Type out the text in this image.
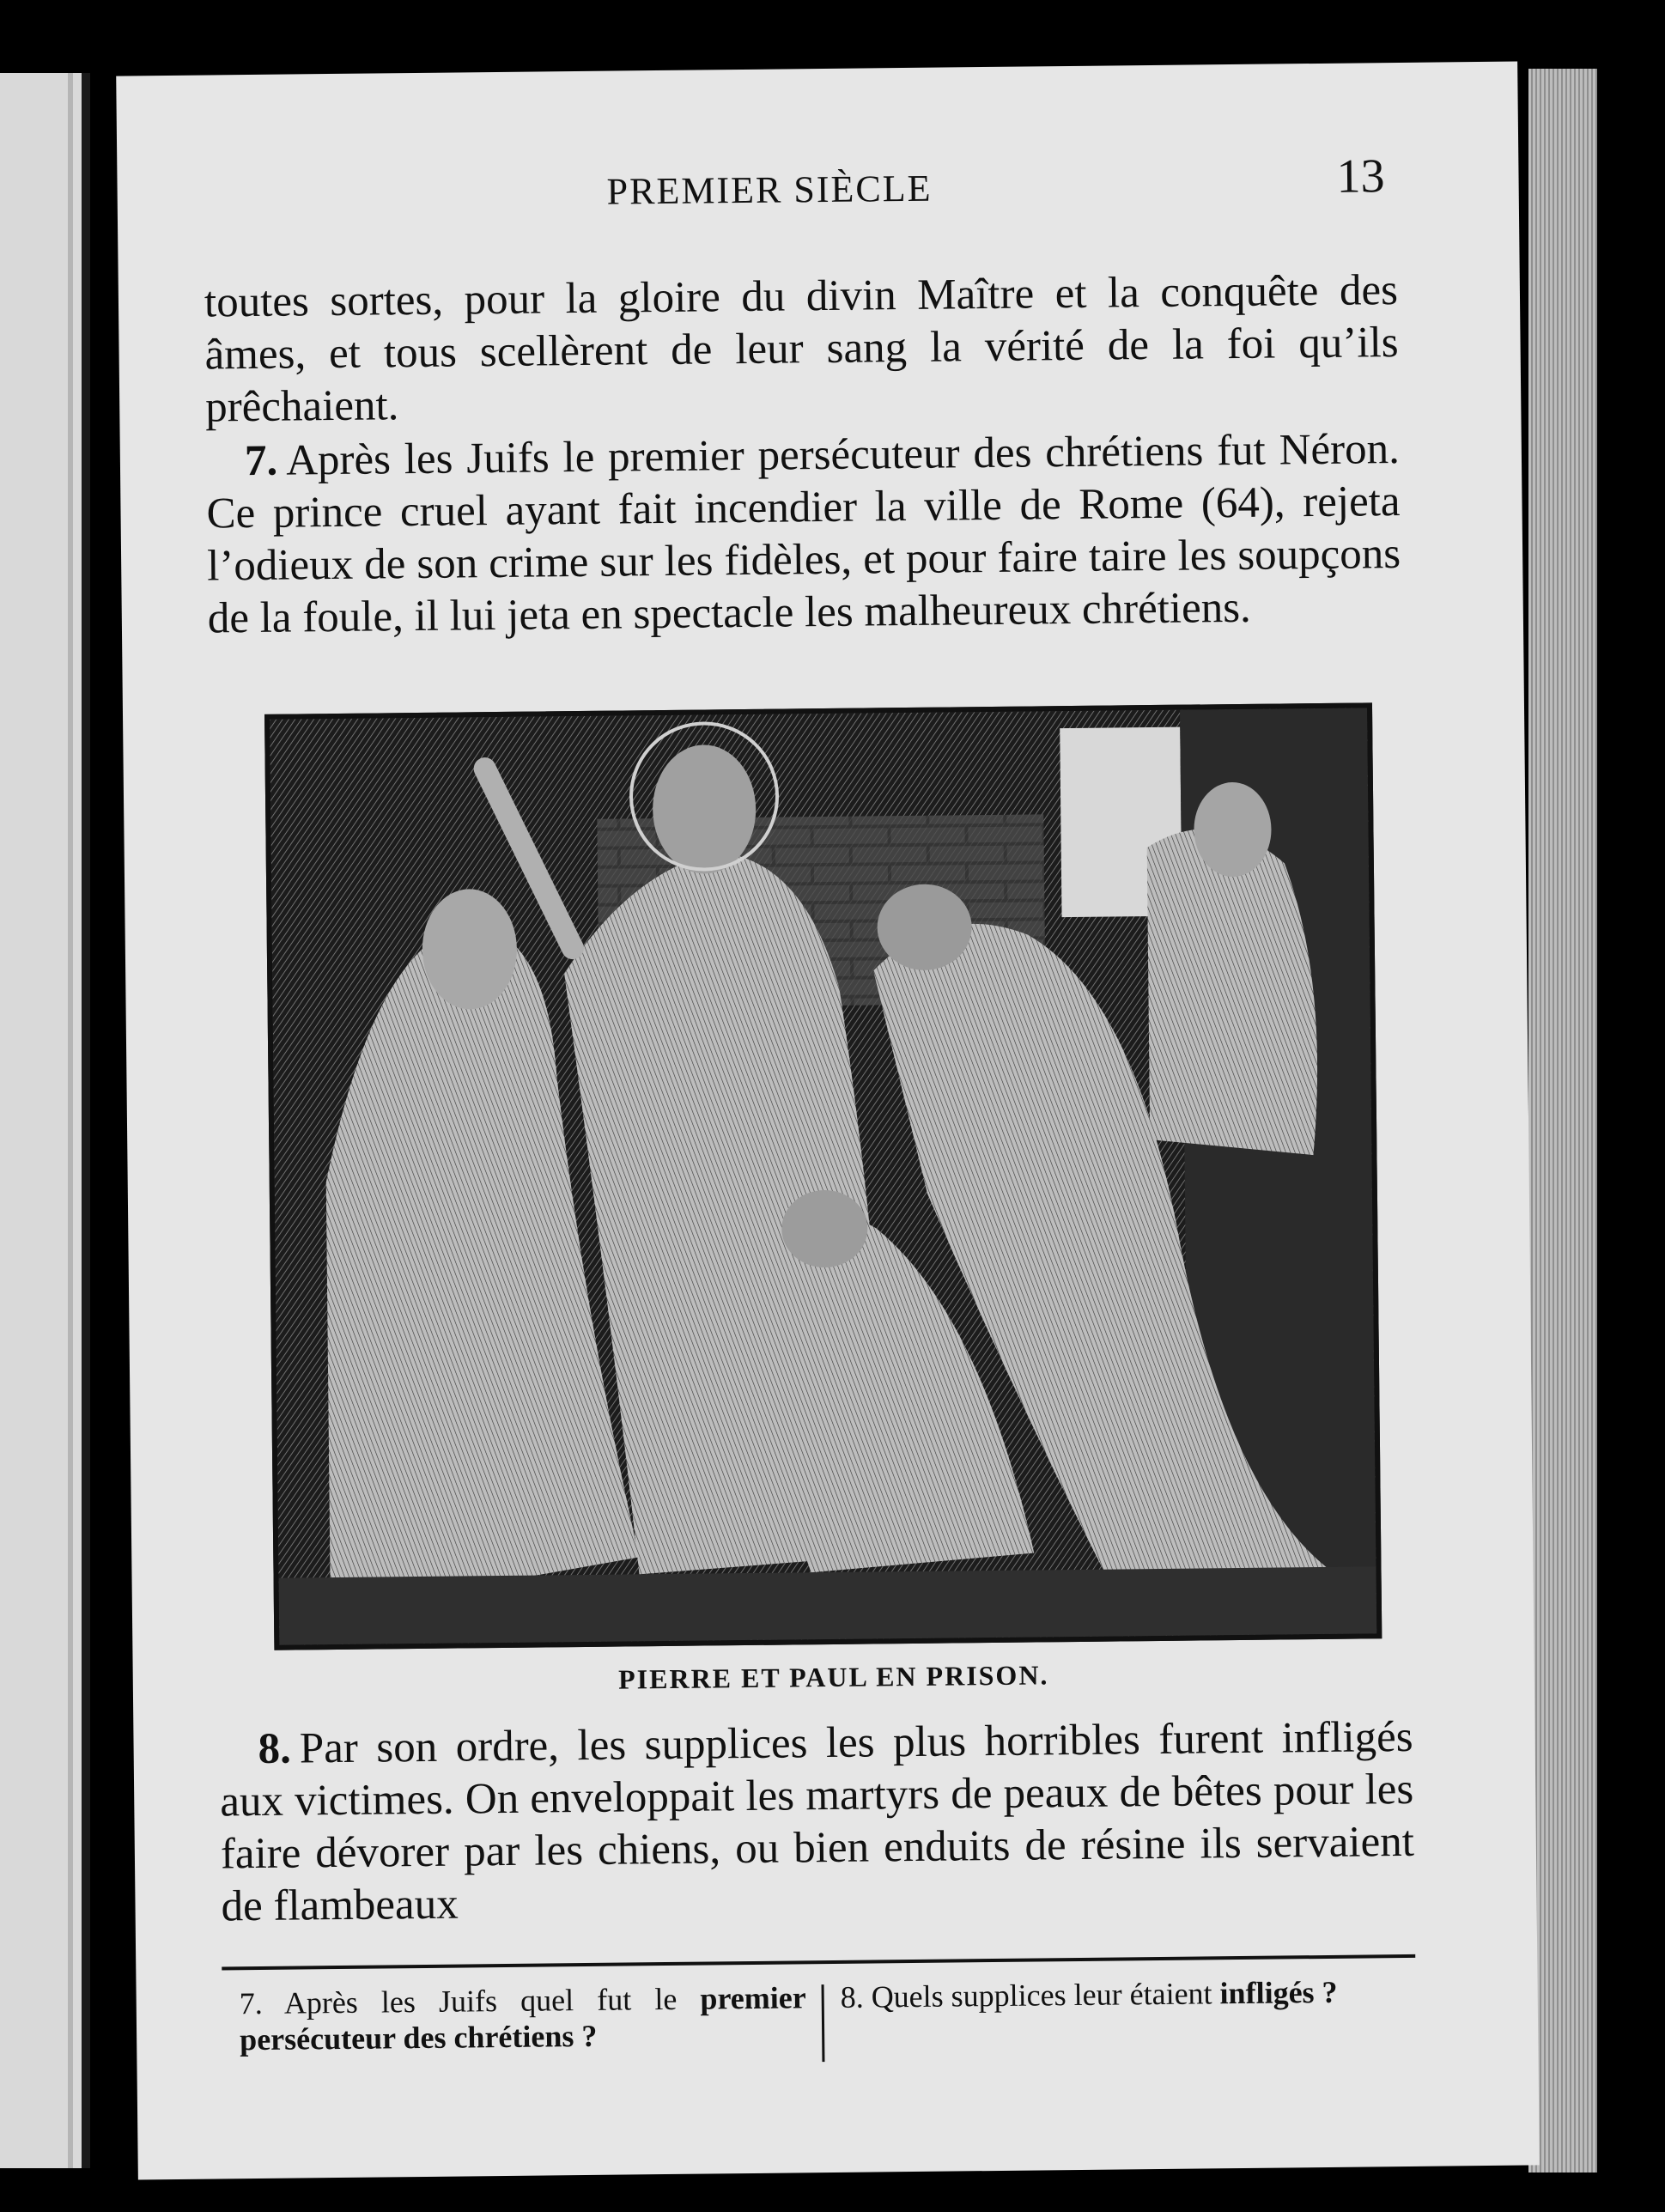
PREMIER SIÈCLE	13

toutes sortes, pour la gloire du divin Maître et la conquête des âmes, et tous scellèrent de leur sang la vérité de la foi qu’ils prêchaient.

7. Après les Juifs le premier persécuteur des chrétiens fut Néron. Ce prince cruel ayant fait incendier la ville de Rome (64), rejeta l’odieux de son crime sur les fidèles, et pour faire taire les soupçons de la foule, il lui jeta en spectacle les malheureux chrétiens.

PIERRE ET PAUL EN PRISON.

8. Par son ordre, les supplices les plus horribles furent infligés aux victimes. On enveloppait les martyrs de peaux de bêtes pour les faire dévorer par les chiens, ou bien enduits de résine ils servaient de flambeaux

7. Après les Juifs quel fut le premier persécuteur des chrétiens ?
8. Quels supplices leur étaient infligés ?
